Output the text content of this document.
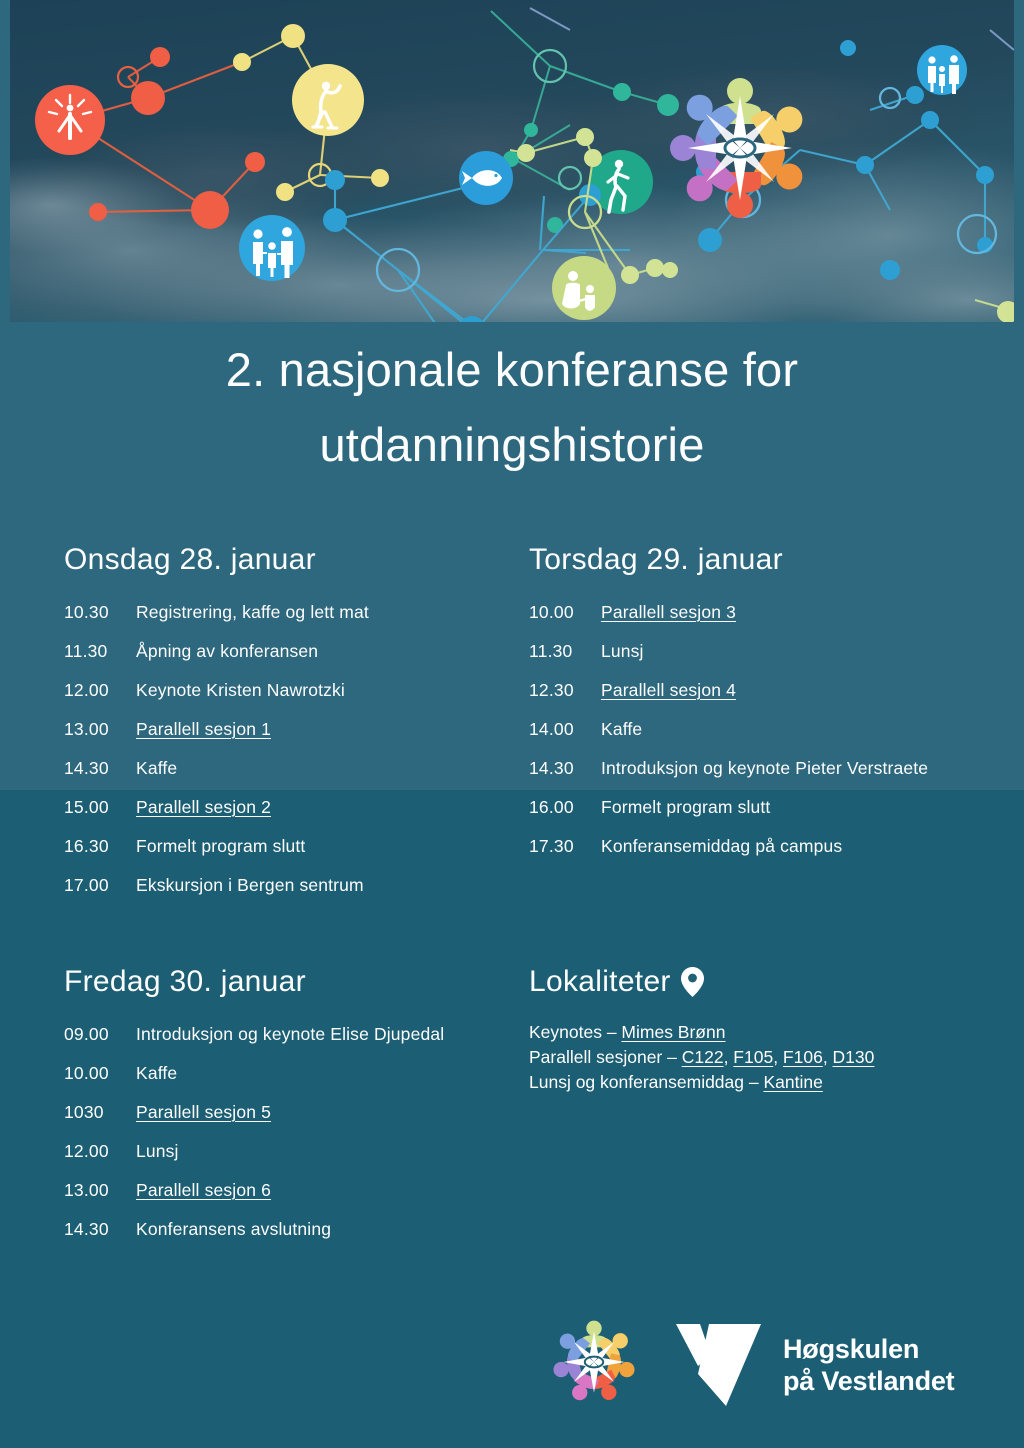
2. nasjonale konferanse for
utdanningshistorie
Onsdag 28. januar
10.30	Registrering, kaffe og lett mat
11.30	Åpning av konferansen
12.00	Keynote Kristen Nawrotzki
13.00	Parallell sesjon 1
14.30	Kaffe
15.00	Parallell sesjon 2
16.30	Formelt program slutt
17.00	Ekskursjon i Bergen sentrum
Torsdag 29. januar
10.00	Parallell sesjon 3
11.30	Lunsj
12.30	Parallell sesjon 4
14.00	Kaffe
14.30	Introduksjon og keynote Pieter Verstraete
16.00	Formelt program slutt
17.30	Konferansemiddag på campus
Fredag 30. januar
09.00	Introduksjon og keynote Elise Djupedal
10.00	Kaffe
1030	Parallell sesjon 5
12.00	Lunsj
13.00	Parallell sesjon 6
14.30	Konferansens avslutning
Lokaliteter
Keynotes – Mimes Brønn
Parallell sesjoner – C122, F105, F106, D130
Lunsj og konferansemiddag – Kantine
Høgskulen
på Vestlandet
